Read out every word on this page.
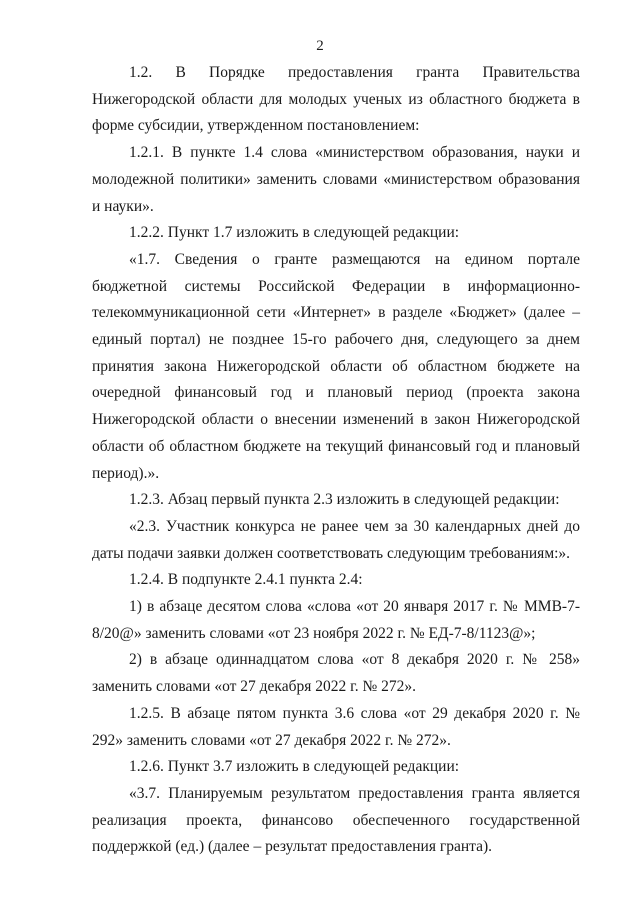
2

1.2. В Порядке предоставления гранта Правительства Нижегородской области для молодых ученых из областного бюджета в форме субсидии, утвержденном постановлением:

1.2.1. В пункте 1.4 слова «министерством образования, науки и молодежной политики» заменить словами «министерством образования и науки».

1.2.2. Пункт 1.7 изложить в следующей редакции:

«1.7. Сведения о гранте размещаются на едином портале бюджетной системы Российской Федерации в информационно-телекоммуникационной сети «Интернет» в разделе «Бюджет» (далее – единый портал) не позднее 15-го рабочего дня, следующего за днем принятия закона Нижегородской области об областном бюджете на очередной финансовый год и плановый период (проекта закона Нижегородской области о внесении изменений в закон Нижегородской области об областном бюджете на текущий финансовый год и плановый период).».

1.2.3. Абзац первый пункта 2.3 изложить в следующей редакции:

«2.3. Участник конкурса не ранее чем за 30 календарных дней до даты подачи заявки должен соответствовать следующим требованиям:».

1.2.4. В подпункте 2.4.1 пункта 2.4:

1) в абзаце десятом слова «слова «от 20 января 2017 г. № ММВ-7-8/20@» заменить словами «от 23 ноября 2022 г. № ЕД-7-8/1123@»;

2) в абзаце одиннадцатом слова «от 8 декабря 2020 г. № 258» заменить словами «от 27 декабря 2022 г. № 272».

1.2.5. В абзаце пятом пункта 3.6 слова «от 29 декабря 2020 г. № 292» заменить словами «от 27 декабря 2022 г. № 272».

1.2.6. Пункт 3.7 изложить в следующей редакции:

«3.7. Планируемым результатом предоставления гранта является реализация проекта, финансово обеспеченного государственной поддержкой (ед.) (далее – результат предоставления гранта).
